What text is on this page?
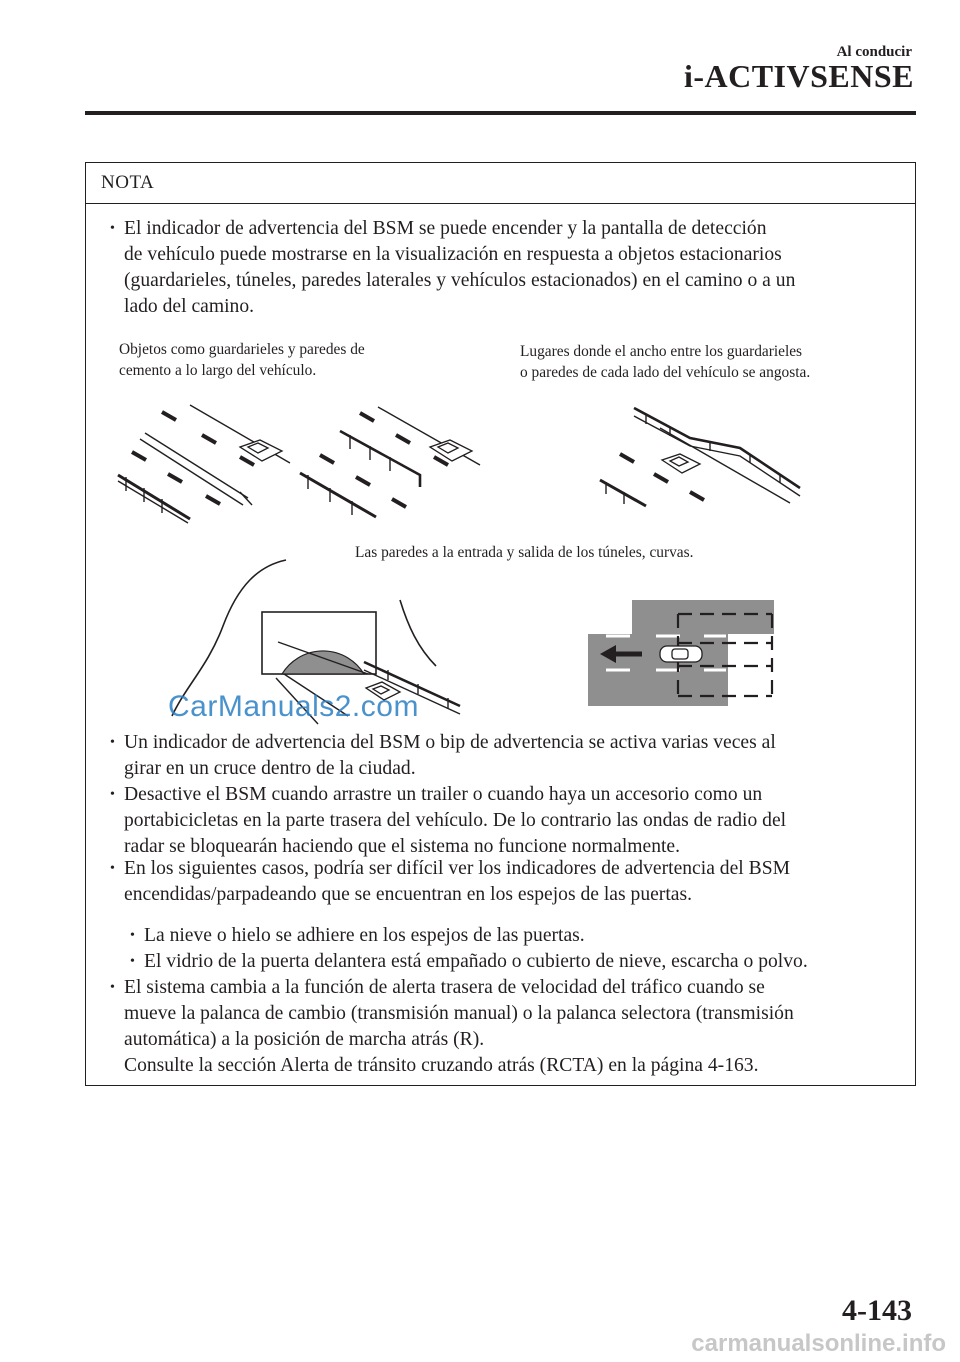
Al conducir
i-ACTIVSENSE
NOTA
• El indicador de advertencia del BSM se puede encender y la pantalla de detección
de vehículo puede mostrarse en la visualización en respuesta a objetos estacionarios
(guardarieles, túneles, paredes laterales y vehículos estacionados) en el camino o a un
lado del camino.
Objetos como guardarieles y paredes de
cemento a lo largo del vehículo.
Lugares donde el ancho entre los guardarieles
o paredes de cada lado del vehículo se angosta.
Las paredes a la entrada y salida de los túneles, curvas.
CarManuals2.com
• Un indicador de advertencia del BSM o bip de advertencia se activa varias veces al
girar en un cruce dentro de la ciudad.
• Desactive el BSM cuando arrastre un trailer o cuando haya un accesorio como un
portabicicletas en la parte trasera del vehículo. De lo contrario las ondas de radio del
radar se bloquearán haciendo que el sistema no funcione normalmente.
• En los siguientes casos, podría ser difícil ver los indicadores de advertencia del BSM
encendidas/parpadeando que se encuentran en los espejos de las puertas.
• La nieve o hielo se adhiere en los espejos de las puertas.
• El vidrio de la puerta delantera está empañado o cubierto de nieve, escarcha o polvo.
• El sistema cambia a la función de alerta trasera de velocidad del tráfico cuando se
mueve la palanca de cambio (transmisión manual) o la palanca selectora (transmisión
automática) a la posición de marcha atrás (R).
Consulte la sección Alerta de tránsito cruzando atrás (RCTA) en la página 4-163.
4-143
carmanualsonline.info
